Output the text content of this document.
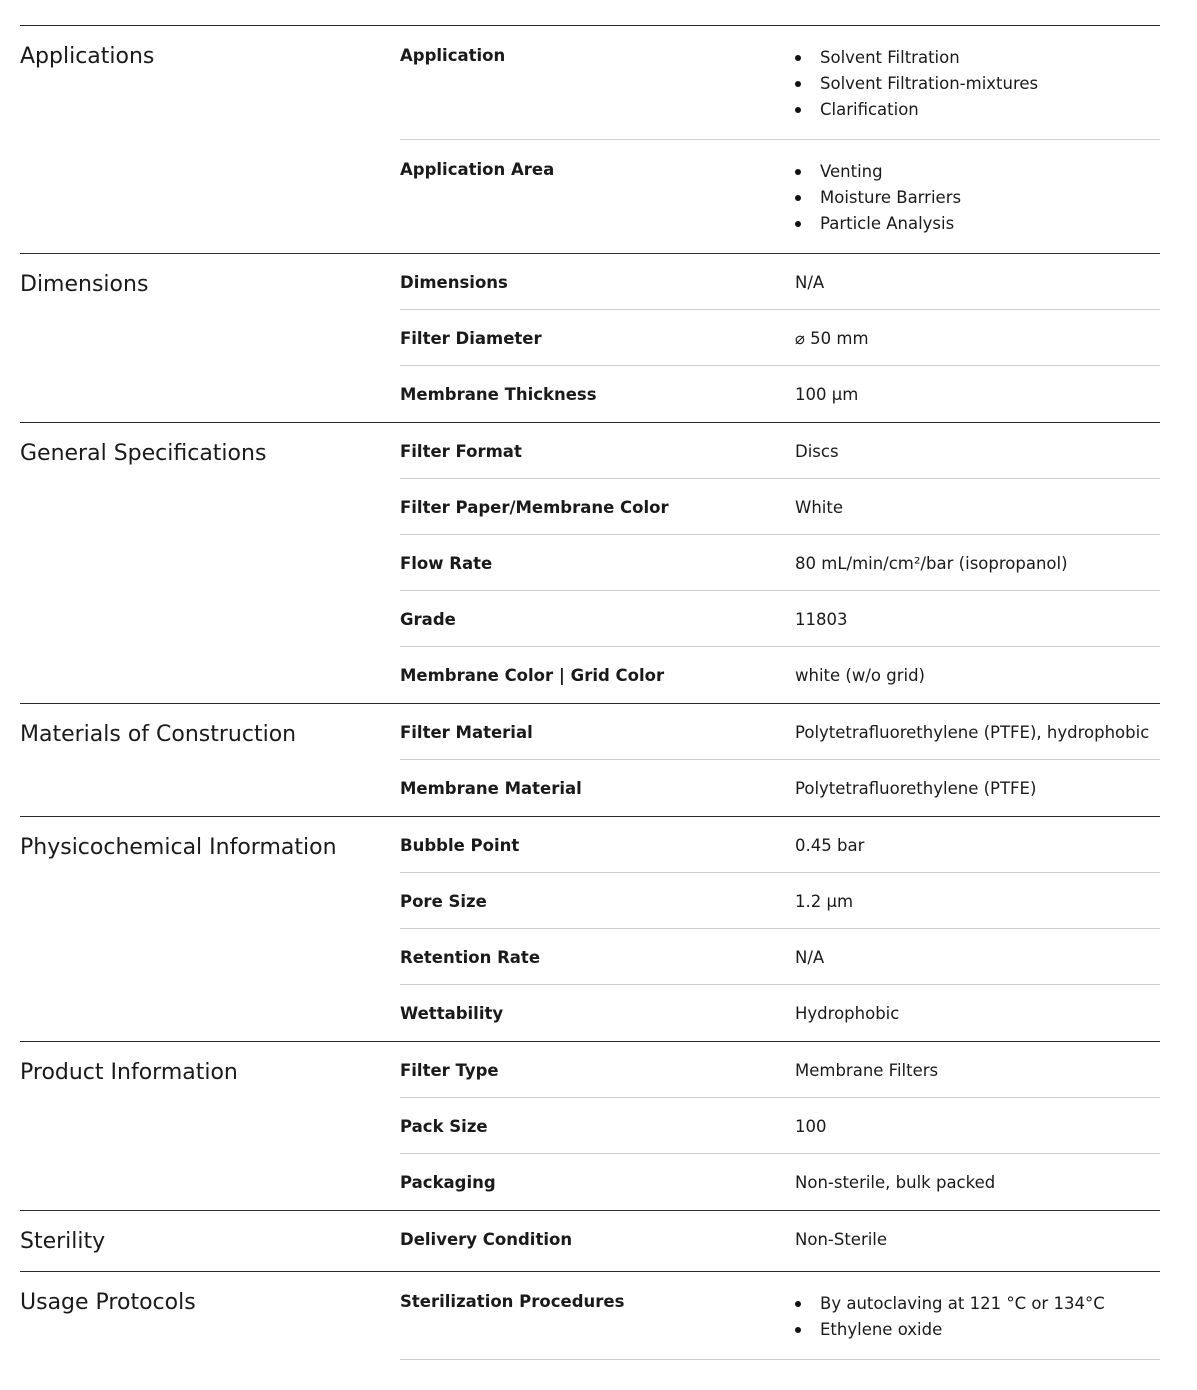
Applications	Application	Solvent Filtration
Solvent Filtration-mixtures
Clarification
Application Area	Venting
Moisture Barriers
Particle Analysis
Dimensions	Dimensions	N/A
Filter Diameter	⌀ 50 mm
Membrane Thickness	100 µm
General Specifications	Filter Format	Discs
Filter Paper/Membrane Color	White
Flow Rate	80 mL/min/cm²/bar (isopropanol)
Grade	11803
Membrane Color | Grid Color	white (w/o grid)
Materials of Construction	Filter Material	Polytetrafluorethylene (PTFE), hydrophobic
Membrane Material	Polytetrafluorethylene (PTFE)
Physicochemical Information	Bubble Point	0.45 bar
Pore Size	1.2 µm
Retention Rate	N/A
Wettability	Hydrophobic
Product Information	Filter Type	Membrane Filters
Pack Size	100
Packaging	Non-sterile, bulk packed
Sterility	Delivery Condition	Non-Sterile
Usage Protocols	Sterilization Procedures	By autoclaving at 121 °C or 134°C
Ethylene oxide
